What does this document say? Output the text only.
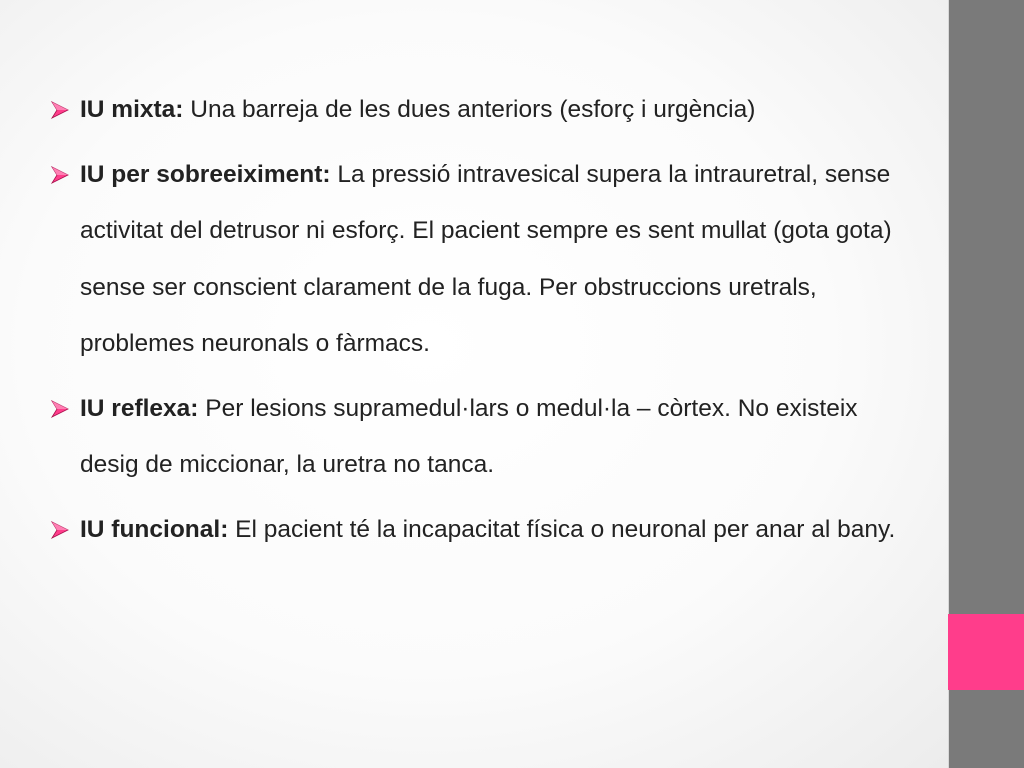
IU mixta: Una barreja de les dues anteriors (esforç i urgència)
IU per sobreeiximent: La pressió intravesical supera la intrauretral, sense activitat del detrusor ni esforç. El pacient sempre es sent mullat (gota gota) sense ser conscient clarament de la fuga. Per obstruccions uretrals, problemes neuronals o fàrmacs.
IU reflexa: Per lesions supramedul·lars o medul·la – còrtex. No existeix desig de miccionar, la uretra no tanca.
IU funcional: El pacient té la incapacitat física o neuronal per anar al bany.
